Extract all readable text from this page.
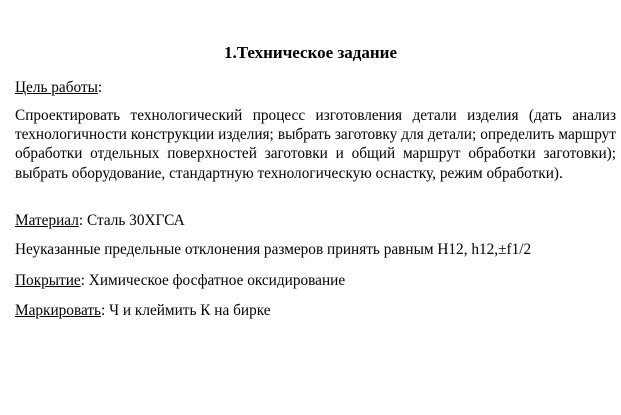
1.Техническое задание

Цель работы:

Спроектировать технологический процесс изготовления детали изделия (дать анализ технологичности конструкции изделия; выбрать заготовку для детали; определить маршрут обработки отдельных поверхностей заготовки и общий маршрут обработки заготовки); выбрать оборудование, стандартную технологическую оснастку, режим обработки).

Материал: Сталь 30ХГСА

Неуказанные предельные отклонения размеров принять равным Н12, h12,±f1/2

Покрытие: Химическое фосфатное оксидирование

Маркировать: Ч и клеймить К на бирке
